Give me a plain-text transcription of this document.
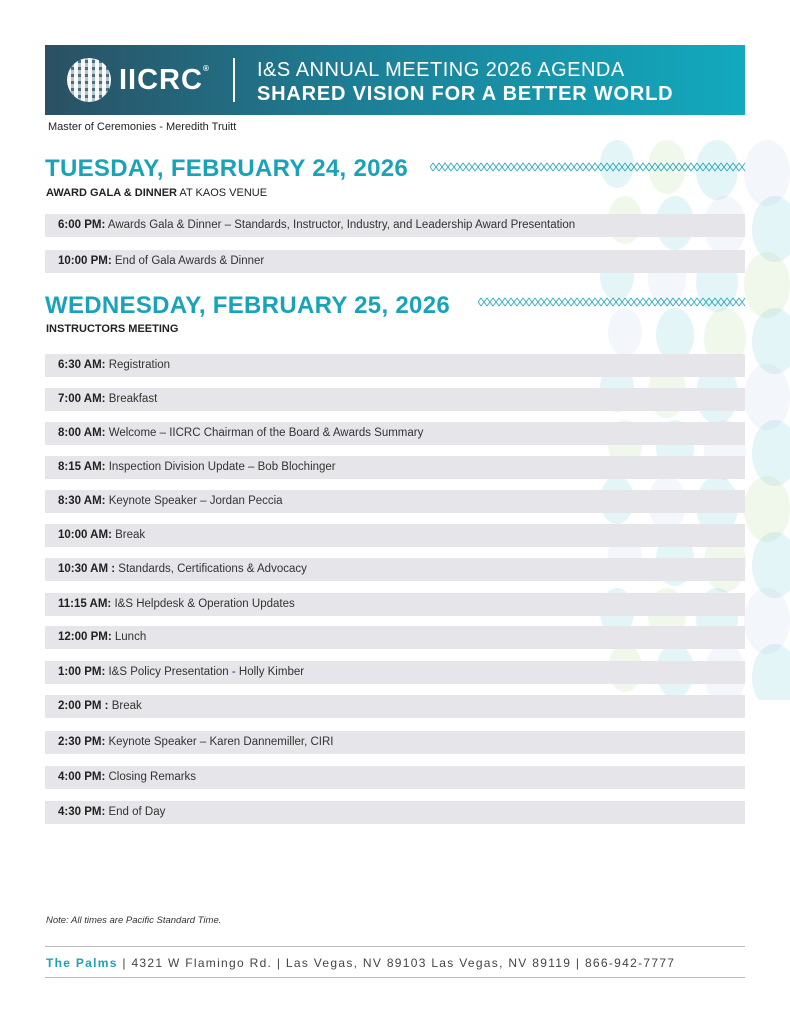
IICRC® I&S ANNUAL MEETING 2026 AGENDA
SHARED VISION FOR A BETTER WORLD
Master of Ceremonies - Meredith Truitt
TUESDAY, FEBRUARY 24, 2026
AWARD GALA & DINNER AT KAOS VENUE
6:00 PM: Awards Gala & Dinner – Standards, Instructor, Industry, and Leadership Award Presentation
10:00 PM: End of Gala Awards & Dinner
WEDNESDAY, FEBRUARY 25, 2026
INSTRUCTORS MEETING
6:30 AM: Registration
7:00 AM: Breakfast
8:00 AM: Welcome – IICRC Chairman of the Board & Awards Summary
8:15 AM: Inspection Division Update – Bob Blochinger
8:30 AM: Keynote Speaker – Jordan Peccia
10:00 AM: Break
10:30 AM : Standards, Certifications & Advocacy
11:15 AM: I&S Helpdesk & Operation Updates
12:00 PM: Lunch
1:00 PM: I&S Policy Presentation - Holly Kimber
2:00 PM : Break
2:30 PM: Keynote Speaker – Karen Dannemiller, CIRI
4:00 PM: Closing Remarks
4:30 PM: End of Day
Note: All times are Pacific Standard Time.
The Palms | 4321 W Flamingo Rd. | Las Vegas, NV 89103 Las Vegas, NV 89119 | 866-942-7777
